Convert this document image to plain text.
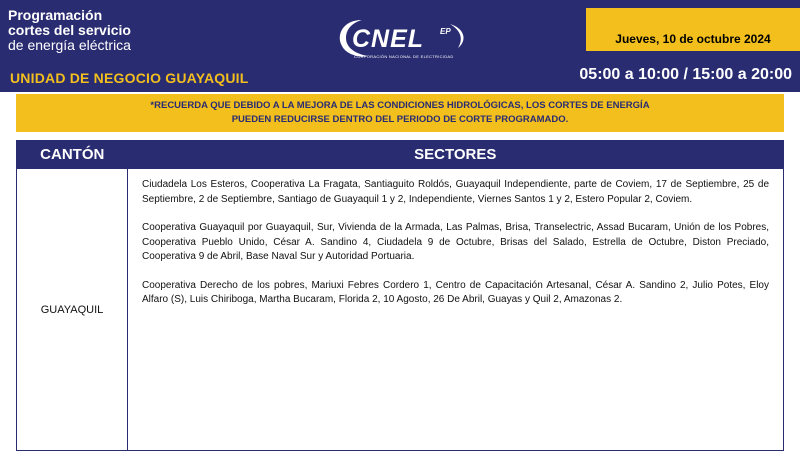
Programación
cortes del servicio
de energía eléctrica
UNIDAD DE NEGOCIO GUAYAQUIL
CNEL EP
CORPORACIÓN NACIONAL DE ELECTRICIDAD
Jueves, 10 de octubre 2024
05:00 a 10:00 / 15:00 a 20:00
*RECUERDA QUE DEBIDO A LA MEJORA DE LAS CONDICIONES HIDROLÓGICAS, LOS CORTES DE ENERGÍA
PUEDEN REDUCIRSE DENTRO DEL PERIODO DE CORTE PROGRAMADO.
CANTÓN	SECTORES
GUAYAQUIL	Ciudadela Los Esteros, Cooperativa La Fragata, Santiaguito Roldós, Guayaquil Independiente, parte de Coviem, 17 de Septiembre, 25 de Septiembre, 2 de Septiembre, Santiago de Guayaquil 1 y 2, Independiente, Viernes Santos 1 y 2, Estero Popular 2, Coviem.

Cooperativa Guayaquil por Guayaquil, Sur, Vivienda de la Armada, Las Palmas, Brisa, Transelectric, Assad Bucaram, Unión de los Pobres, Cooperativa Pueblo Unido, César A. Sandino 4, Ciudadela 9 de Octubre, Brisas del Salado, Estrella de Octubre, Diston Preciado, Cooperativa 9 de Abril, Base Naval Sur y Autoridad Portuaria.

Cooperativa Derecho de los pobres, Mariuxi Febres Cordero 1, Centro de Capacitación Artesanal, César A. Sandino 2, Julio Potes, Eloy Alfaro (S), Luis Chiriboga, Martha Bucaram, Florida 2, 10 Agosto, 26 De Abril, Guayas y Quil 2, Amazonas 2.
